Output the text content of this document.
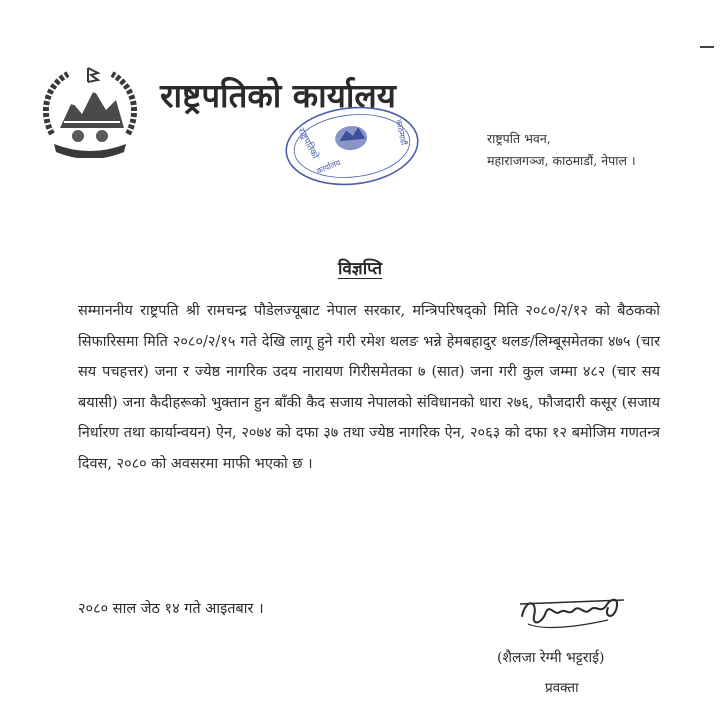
राष्ट्रपतिको कार्यालय
राष्ट्रपतिको
कार्यालय
काठमाडौं	राष्ट्रपति भवन,
महाराजगञ्ज, काठमाडौं, नेपाल ।
विज्ञप्ति
सम्माननीय राष्ट्रपति श्री रामचन्द्र पौडेलज्यूबाट नेपाल सरकार, मन्त्रिपरिषद्को मिति २०८०/२/१२ को बैठकको सिफारिसमा मिति २०८०/२/१५ गते देखि लागू हुने गरी रमेश थलङ भन्ने हेमबहादुर थलङ/लिम्बूसमेतका ४७५ (चार सय पचहत्तर) जना र ज्येष्ठ नागरिक उदय नारायण गिरीसमेतका ७ (सात) जना गरी कुल जम्मा ४८२ (चार सय बयासी) जना कैदीहरूको भुक्तान हुन बाँकी कैद सजाय नेपालको संविधानको धारा २७६, फौजदारी कसूर (सजाय निर्धारण तथा कार्यान्वयन) ऐन, २०७४ को दफा ३७ तथा ज्येष्ठ नागरिक ऐन, २०६३ को दफा १२ बमोजिम गणतन्त्र दिवस, २०८० को अवसरमा माफी भएको छ ।
२०८० साल जेठ १४ गते आइतबार ।
(शैलजा रेग्मी भट्टराई)
प्रवक्ता
